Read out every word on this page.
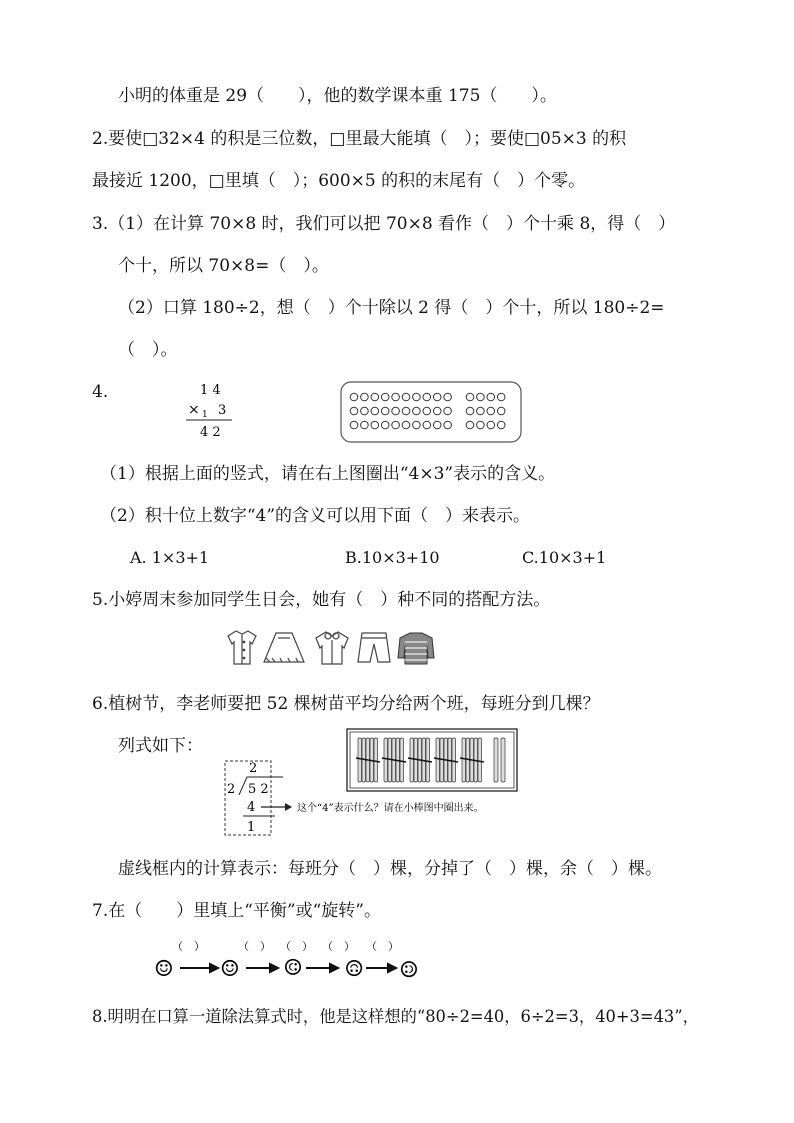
小明的体重是 29（　　），他的数学课本重 175（　　）。
2.要使□32×4 的积是三位数，□里最大能填（　）；要使□05×3 的积
最接近 1200，□里填（　）；600×5 的积的末尾有（　）个零。
3.（1）在计算 70×8 时，我们可以把 70×8 看作（　）个十乘 8，得（　）
个十，所以 70×8=（　）。
（2）口算 180÷2，想（　）个十除以 2 得（　）个十，所以 180÷2=
（　）。
4.	1 4
× 1 3
4 2
（1）根据上面的竖式，请在右上图圈出“4×3”表示的含义。
（2）积十位上数字“4”的含义可以用下面（　）来表示。
A. 1×3+1	B.10×3+10	C.10×3+1
5.小婷周末参加同学生日会，她有（　）种不同的搭配方法。
6.植树节，李老师要把 52 棵树苗平均分给两个班，每班分到几棵？
列式如下：
2
2 5 2
4
1
这个“4”表示什么？请在小棒图中圈出来。
虚线框内的计算表示：每班分（　）棵，分掉了（　）棵，余（　）棵。
7.在（　　）里填上“平衡”或“旋转”。
（　）	（　） （　） （　） （　）
☺ ☺ ☺ ☺ ☺
8.明明在口算一道除法算式时，他是这样想的“80÷2=40，6÷2=3，40+3=43”，
